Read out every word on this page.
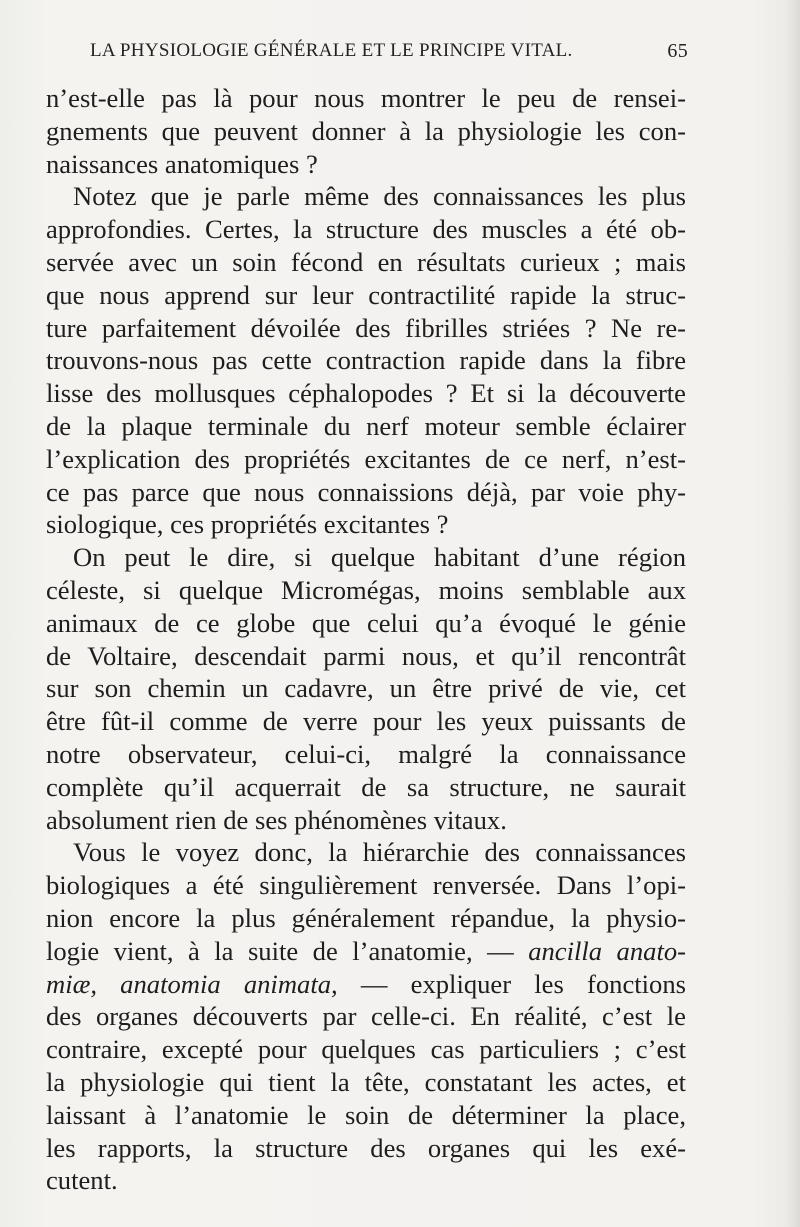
LA PHYSIOLOGIE GÉNÉRALE ET LE PRINCIPE VITAL.	65
n’est-elle pas là pour nous montrer le peu de rensei-
gnements que peuvent donner à la physiologie les con-
naissances anatomiques ?
Notez que je parle même des connaissances les plus
approfondies. Certes, la structure des muscles a été ob-
servée avec un soin fécond en résultats curieux ; mais
que nous apprend sur leur contractilité rapide la struc-
ture parfaitement dévoilée des fibrilles striées ? Ne re-
trouvons-nous pas cette contraction rapide dans la fibre
lisse des mollusques céphalopodes ? Et si la découverte
de la plaque terminale du nerf moteur semble éclairer
l’explication des propriétés excitantes de ce nerf, n’est-
ce pas parce que nous connaissions déjà, par voie phy-
siologique, ces propriétés excitantes ?
On peut le dire, si quelque habitant d’une région
céleste, si quelque Micromégas, moins semblable aux
animaux de ce globe que celui qu’a évoqué le génie
de Voltaire, descendait parmi nous, et qu’il rencontrât
sur son chemin un cadavre, un être privé de vie, cet
être fût-il comme de verre pour les yeux puissants de
notre observateur, celui-ci, malgré la connaissance
complète qu’il acquerrait de sa structure, ne saurait
absolument rien de ses phénomènes vitaux.
Vous le voyez donc, la hiérarchie des connaissances
biologiques a été singulièrement renversée. Dans l’opi-
nion encore la plus généralement répandue, la physio-
logie vient, à la suite de l’anatomie, — ancilla anato-
miæ, anatomia animata, — expliquer les fonctions
des organes découverts par celle-ci. En réalité, c’est le
contraire, excepté pour quelques cas particuliers ; c’est
la physiologie qui tient la tête, constatant les actes, et
laissant à l’anatomie le soin de déterminer la place,
les rapports, la structure des organes qui les exé-
cutent.
